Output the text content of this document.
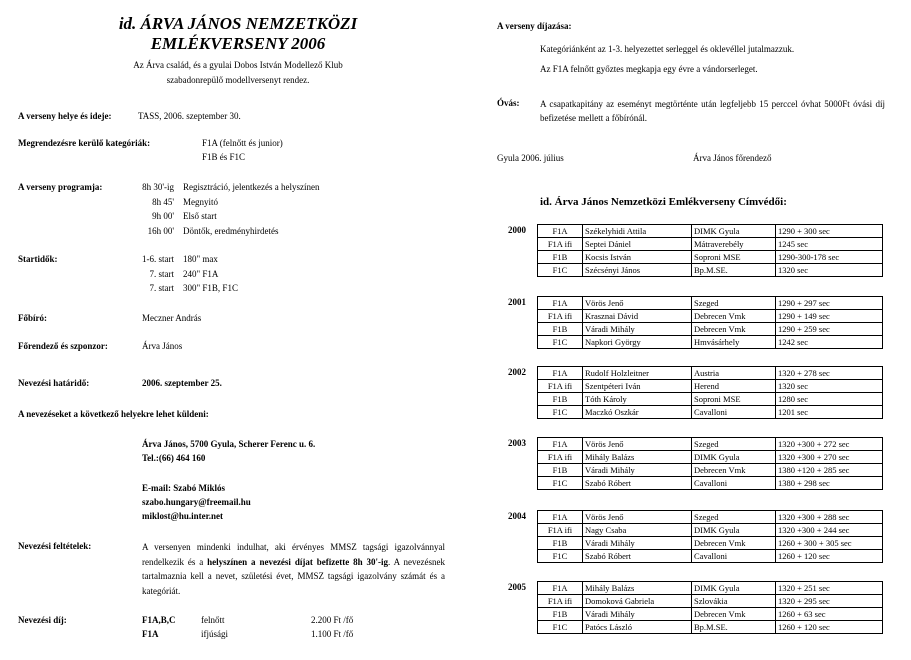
id. ÁRVA JÁNOS NEMZETKÖZI
EMLÉKVERSENY 2006
Az Árva család, és a gyulai Dobos István Modellező Klub
szabadonrepülő modellversenyt rendez.
A verseny helye és ideje:	TASS, 2006. szeptember 30.
Megrendezésre kerülő kategóriák:	F1A (felnőtt és junior)
F1B és F1C
A verseny programja:	8h 30'-ig Regisztráció, jelentkezés a helyszínen
8h 45' Megnyitó
9h 00' Első start
16h 00' Döntők, eredményhirdetés
Startidők:	1-6. start 180" max
7. start 240" F1A
7. start 300" F1B, F1C
Főbíró:	Meczner András
Főrendező és szponzor:	Árva János
Nevezési határidő:	2006. szeptember 25.
A nevezéseket a következő helyekre lehet küldeni:
Árva János, 5700 Gyula, Scherer Ferenc u. 6.
Tel.:(66) 464 160
E-mail: Szabó Miklós
szabo.hungary@freemail.hu
miklost@hu.inter.net
Nevezési feltételek:	A versenyen mindenki indulhat, aki érvényes MMSZ tagsági igazolvánnyal rendelkezik és a helyszínen a nevezési díjat befizette 8h 30'-ig. A nevezésnek tartalmaznia kell a nevet, születési évet, MMSZ tagsági igazolvány számát és a kategóriát.
Nevezési díj:	F1A,B,C	felnőtt	2.200 Ft /fő
F1A	ifjúsági	1.100 Ft /fő
A verseny díjazása:
Kategóriánként az 1-3. helyezettet serleggel és oklevéllel jutalmazzuk.
Az F1A felnőtt győztes megkapja egy évre a vándorserleget.
Óvás: A csapatkapitány az eseményt megtörténte után legfeljebb 15 perccel óvhat 5000Ft óvási díj befizetése mellett a főbírónál.
Gyula 2006. július	Árva János főrendező
id. Árva János Nemzetközi Emlékverseny Címvédői:
2000	F1A	Székelyhidi Attila	DIMK Gyula	1290 + 300 sec
F1A ifi	Septei Dániel	Mátraverebély	1245 sec
F1B	Kocsis István	Soproni MSE	1290-300-178 sec
F1C	Szécsényi János	Bp.M.SE.	1320 sec
2001	F1A	Vörös Jenő	Szeged	1290 + 297 sec
F1A ifi	Krasznai Dávid	Debrecen Vmk	1290 + 149 sec
F1B	Váradi Mihály	Debrecen Vmk	1290 + 259 sec
F1C	Napkori György	Hmvásárhely	1242 sec
2002	F1A	Rudolf Holzleitner	Austria	1320 + 278 sec
F1A ifi	Szentpéteri Iván	Herend	1320 sec
F1B	Tóth Károly	Soproni MSE	1280 sec
F1C	Maczkó Oszkár	Cavalloni	1201 sec
2003	F1A	Vörös Jenő	Szeged	1320 +300 + 272 sec
F1A ifi	Mihály Balázs	DIMK Gyula	1320 +300 + 270 sec
F1B	Váradi Mihály	Debrecen Vmk	1380 +120 + 285 sec
F1C	Szabó Róbert	Cavalloni	1380 + 298 sec
2004	F1A	Vörös Jenő	Szeged	1320 +300 + 288 sec
F1A ifi	Nagy Csaba	DIMK Gyula	1320 +300 + 244 sec
F1B	Váradi Mihály	Debrecen Vmk	1260 + 300 + 305 sec
F1C	Szabó Róbert	Cavalloni	1260 + 120 sec
2005	F1A	Mihály Balázs	DIMK Gyula	1320 + 251 sec
F1A ifi	Domoková Gabriela	Szlovákia	1320 + 295 sec
F1B	Váradi Mihály	Debrecen Vmk	1260 + 63 sec
F1C	Patócs László	Bp.M.SE.	1260 + 120 sec
